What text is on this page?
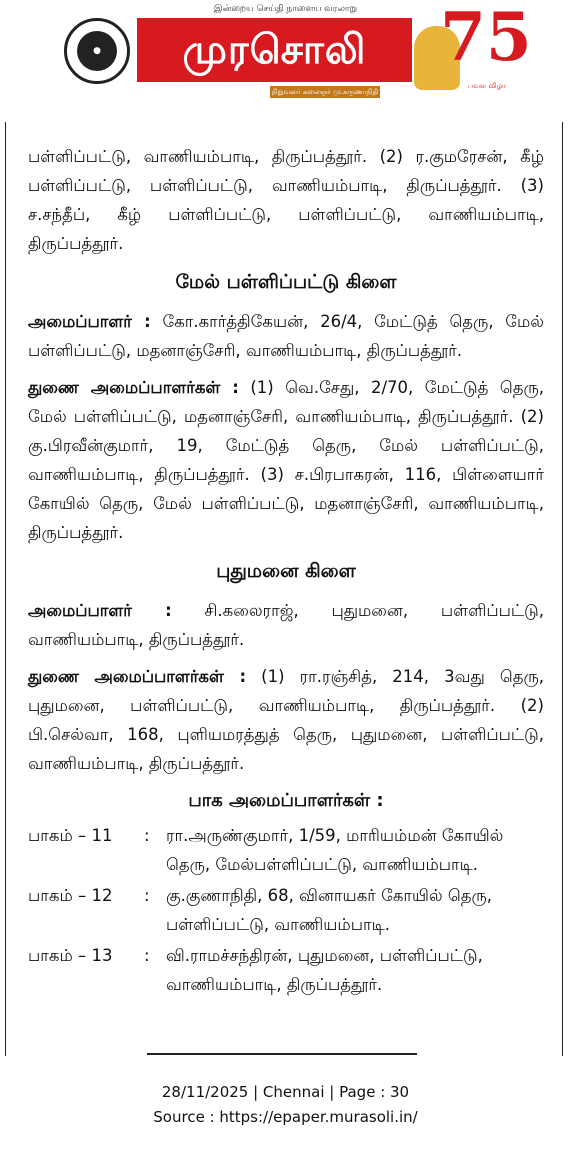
இன்றைய செய்தி நாளைய வரலாறு
●	முரசொலி
நிறுவனர் கலைஞர் மு.கருணாநிதி
75
பவள விழா

பள்ளிப்பட்டு, வாணியம்பாடி, திருப்பத்தூர். (2) ர.குமரேசன், கீழ் பள்ளிப்பட்டு, பள்ளிப்பட்டு, வாணியம்பாடி, திருப்பத்தூர். (3) ச.சந்தீப், கீழ் பள்ளிப்பட்டு, பள்ளிப்பட்டு, வாணியம்பாடி, திருப்பத்தூர்.

மேல் பள்ளிப்பட்டு கிளை

அமைப்பாளர் : கோ.கார்த்திகேயன், 26/4, மேட்டுத் தெரு, மேல் பள்ளிப்பட்டு, மதனாஞ்சேரி, வாணியம்பாடி, திருப்பத்தூர்.

துணை அமைப்பாளர்கள் : (1) வெ.சேது, 2/70, மேட்டுத் தெரு, மேல் பள்ளிப்பட்டு, மதனாஞ்சேரி, வாணியம்பாடி, திருப்பத்தூர். (2) கு.பிரவீன்குமார், 19, மேட்டுத் தெரு, மேல் பள்ளிப்பட்டு, வாணியம்பாடி, திருப்பத்தூர். (3) ச.பிரபாகரன், 116, பிள்ளையார் கோயில் தெரு, மேல் பள்ளிப்பட்டு, மதனாஞ்சேரி, வாணியம்பாடி, திருப்பத்தூர்.

புதுமனை கிளை

அமைப்பாளர் : சி.கலைராஜ், புதுமனை, பள்ளிப்பட்டு, வாணியம்பாடி, திருப்பத்தூர்.

துணை அமைப்பாளர்கள் : (1) ரா.ரஞ்சித், 214, 3வது தெரு, புதுமனை, பள்ளிப்பட்டு, வாணியம்பாடி, திருப்பத்தூர். (2) பி.செல்வா, 168, புளியமரத்துத் தெரு, புதுமனை, பள்ளிப்பட்டு, வாணியம்பாடி, திருப்பத்தூர்.

பாக அமைப்பாளர்கள் :
பாகம் – 11	: ரா.அருண்குமார், 1/59, மாரியம்மன் கோயில் தெரு, மேல்பள்ளிப்பட்டு, வாணியம்பாடி.
பாகம் – 12	: கு.குணாநிதி, 68, வினாயகர் கோயில் தெரு, பள்ளிப்பட்டு, வாணியம்பாடி.
பாகம் – 13	: வி.ராமச்சந்திரன், புதுமனை, பள்ளிப்பட்டு, வாணியம்பாடி, திருப்பத்தூர்.
28/11/2025 | Chennai | Page : 30
Source : https://epaper.murasoli.in/
